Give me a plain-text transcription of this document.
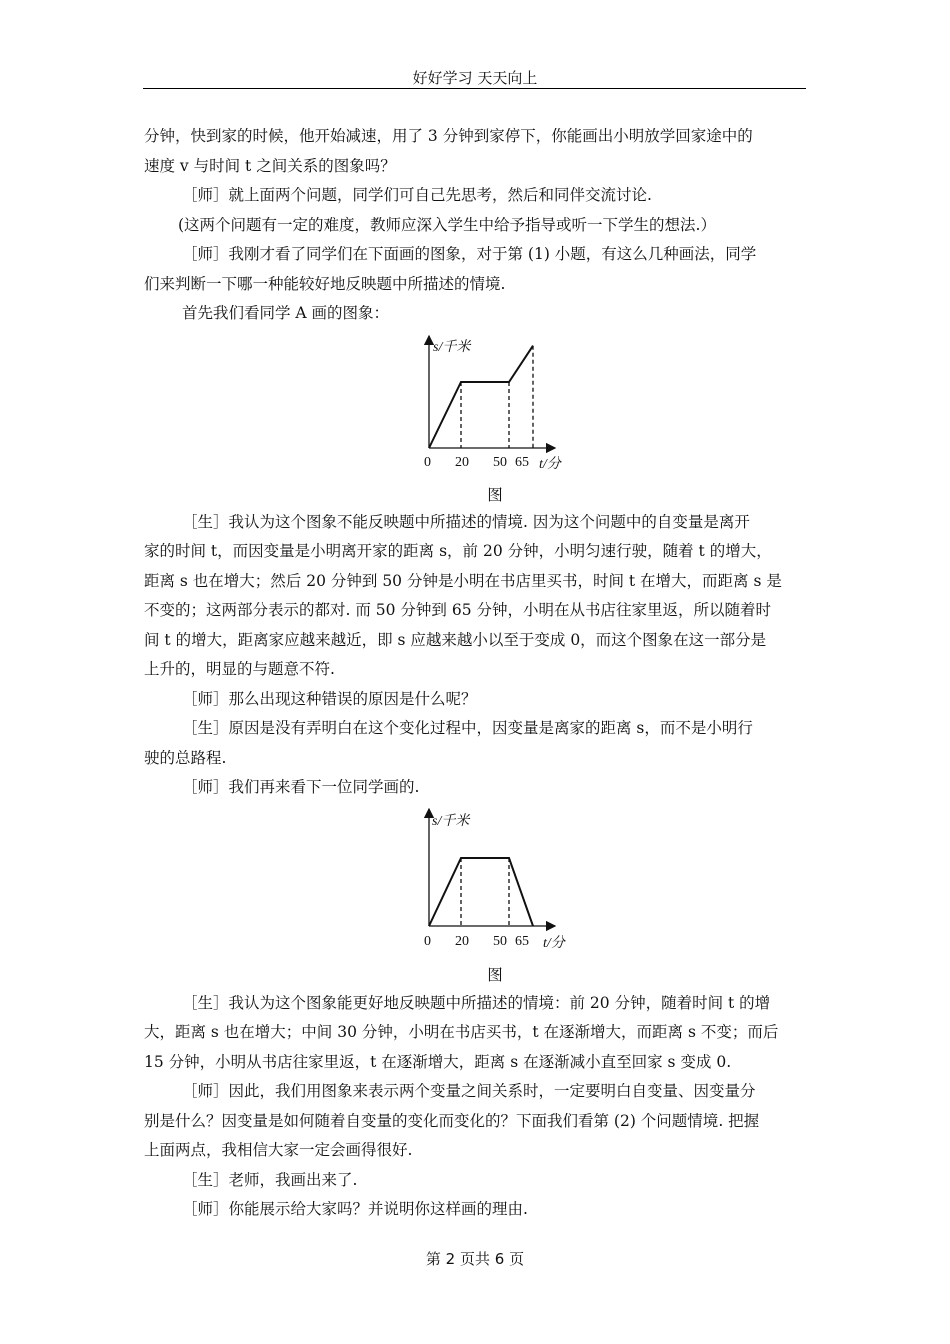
好好学习 天天向上
分钟，快到家的时候，他开始减速，用了 3 分钟到家停下，你能画出小明放学回家途中的
速度 v 与时间 t 之间关系的图象吗？
［师］就上面两个问题，同学们可自己先思考，然后和同伴交流讨论.
(这两个问题有一定的难度，教师应深入学生中给予指导或听一下学生的想法.）
［师］我刚才看了同学们在下面画的图象，对于第 (1) 小题，有这么几种画法，同学
们来判断一下哪一种能较好地反映题中所描述的情境.
首先我们看同学 A 画的图象：
s/千米
0 20 50 65 t/分
图
［生］我认为这个图象不能反映题中所描述的情境. 因为这个问题中的自变量是离开
家的时间 t，而因变量是小明离开家的距离 s，前 20 分钟，小明匀速行驶，随着 t 的增大，
距离 s 也在增大；然后 20 分钟到 50 分钟是小明在书店里买书，时间 t 在增大，而距离 s 是
不变的；这两部分表示的都对. 而 50 分钟到 65 分钟，小明在从书店往家里返，所以随着时
间 t 的增大，距离家应越来越近，即 s 应越来越小以至于变成 0，而这个图象在这一部分是
上升的，明显的与题意不符.
［师］那么出现这种错误的原因是什么呢？
［生］原因是没有弄明白在这个变化过程中，因变量是离家的距离 s，而不是小明行
驶的总路程.
［师］我们再来看下一位同学画的.
s/千米
0 20 50 65 t/分
图
［生］我认为这个图象能更好地反映题中所描述的情境：前 20 分钟，随着时间 t 的增
大，距离 s 也在增大；中间 30 分钟，小明在书店买书，t 在逐渐增大，而距离 s 不变；而后
15 分钟，小明从书店往家里返，t 在逐渐增大，距离 s 在逐渐减小直至回家 s 变成 0.
［师］因此，我们用图象来表示两个变量之间关系时，一定要明白自变量、因变量分
别是什么？因变量是如何随着自变量的变化而变化的？下面我们看第 (2) 个问题情境. 把握
上面两点，我相信大家一定会画得很好.
［生］老师，我画出来了.
［师］你能展示给大家吗？并说明你这样画的理由.
第 2 页共 6 页
